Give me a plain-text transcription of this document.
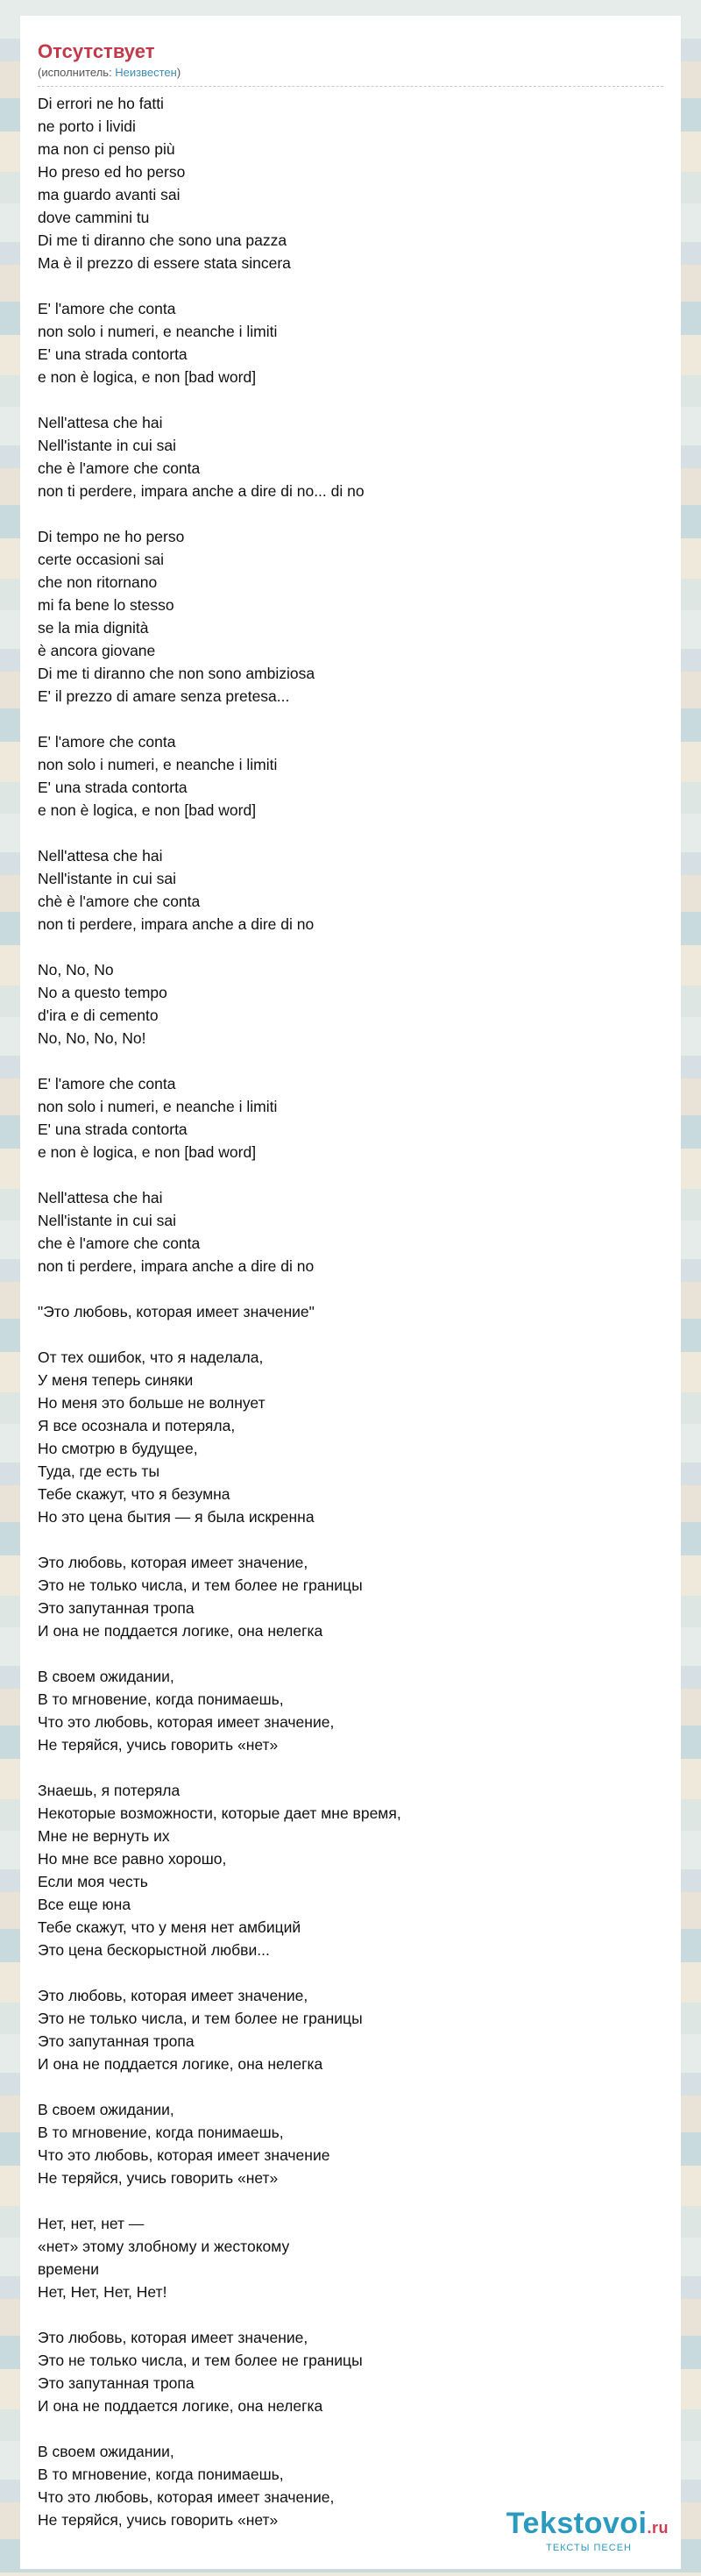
Отсутствует
(исполнитель: Неизвестен)
Di errori ne ho fatti
ne porto i lividi
ma non ci penso più
Ho preso ed ho perso
ma guardo avanti sai
dove cammini tu
Di me ti diranno che sono una pazza
Ma è il prezzo di essere stata sincera
E' l'amore che conta
non solo i numeri, e neanche i limiti
E' una strada contorta
e non è logica, e non [bad word]
Nell'attesa che hai
Nell'istante in cui sai
che è l'amore che conta
non ti perdere, impara anche a dire di no... di no
Di tempo ne ho perso
certe occasioni sai
che non ritornano
mi fa bene lo stesso
se la mia dignità
è ancora giovane
Di me ti diranno che non sono ambiziosa
E' il prezzo di amare senza pretesa...
E' l'amore che conta
non solo i numeri, e neanche i limiti
E' una strada contorta
e non è logica, e non [bad word]
Nell'attesa che hai
Nell'istante in cui sai
chè è l'amore che conta
non ti perdere, impara anche a dire di no
No, No, No
No a questo tempo
d'ira e di cemento
No, No, No, No!
E' l'amore che conta
non solo i numeri, e neanche i limiti
E' una strada contorta
e non è logica, e non [bad word]
Nell'attesa che hai
Nell'istante in cui sai
che è l'amore che conta
non ti perdere, impara anche a dire di no
"Это любовь, которая имеет значение"
От тех ошибок, что я наделала,
У меня теперь синяки
Но меня это больше не волнует
Я все осознала и потеряла,
Но смотрю в будущее,
Туда, где есть ты
Тебе скажут, что я безумна
Но это цена бытия — я была искренна
Это любовь, которая имеет значение,
Это не только числа, и тем более не границы
Это запутанная тропа
И она не поддается логике, она нелегка
В своем ожидании,
В то мгновение, когда понимаешь,
Что это любовь, которая имеет значение,
Не теряйся, учись говорить «нет»
Знаешь, я потеряла
Некоторые возможности, которые дает мне время,
Мне не вернуть их
Но мне все равно хорошо,
Если моя честь
Все еще юна
Тебе скажут, что у меня нет амбиций
Это цена бескорыстной любви...
Это любовь, которая имеет значение,
Это не только числа, и тем более не границы
Это запутанная тропа
И она не поддается логике, она нелегка
В своем ожидании,
В то мгновение, когда понимаешь,
Что это любовь, которая имеет значение
Не теряйся, учись говорить «нет»
Нет, нет, нет —
«нет» этому злобному и жестокому
времени
Нет, Нет, Нет, Нет!
Это любовь, которая имеет значение,
Это не только числа, и тем более не границы
Это запутанная тропа
И она не поддается логике, она нелегка
В своем ожидании,
В то мгновение, когда понимаешь,
Что это любовь, которая имеет значение,
Не теряйся, учись говорить «нет»	Tekstovoi.ru
ТЕКСТЫ ПЕСЕН
